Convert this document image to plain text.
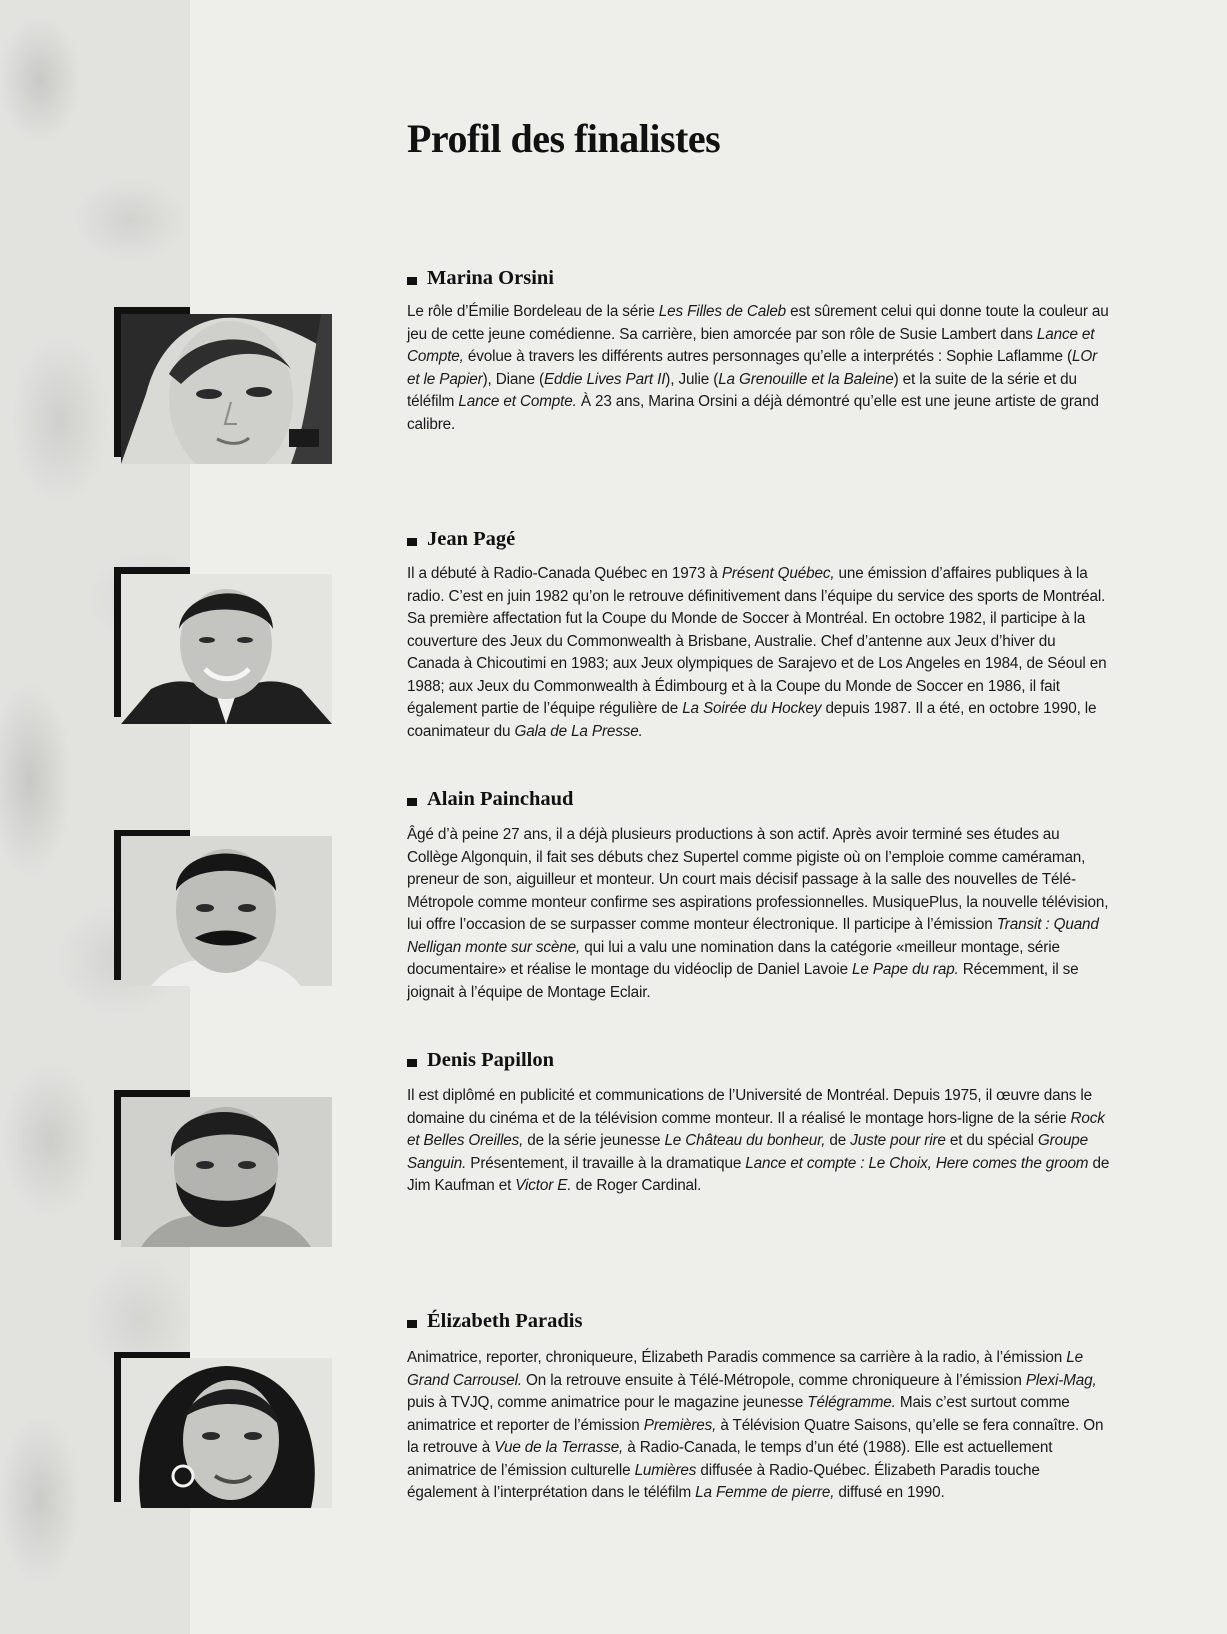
Profil des finalistes
Marina Orsini

Le rôle d’Émilie Bordeleau de la série Les Filles de Caleb est sûrement celui qui donne toute la couleur au jeu de cette jeune comédienne. Sa carrière, bien amorcée par son rôle de Susie Lambert dans Lance et Compte, évolue à travers les différents autres personnages qu’elle a interprétés : Sophie Laflamme (LOr et le Papier), Diane (Eddie Lives Part II), Julie (La Grenouille et la Baleine) et la suite de la série et du téléfilm Lance et Compte. À 23 ans, Marina Orsini a déjà démontré qu’elle est une jeune artiste de grand calibre.

Jean Pagé

Il a débuté à Radio-Canada Québec en 1973 à Présent Québec, une émission d’affaires publiques à la radio. C’est en juin 1982 qu’on le retrouve définitivement dans l’équipe du service des sports de Montréal. Sa première affectation fut la Coupe du Monde de Soccer à Montréal. En octobre 1982, il participe à la couverture des Jeux du Commonwealth à Brisbane, Australie. Chef d’antenne aux Jeux d’hiver du Canada à Chicoutimi en 1983; aux Jeux olympiques de Sarajevo et de Los Angeles en 1984, de Séoul en 1988; aux Jeux du Commonwealth à Édimbourg et à la Coupe du Monde de Soccer en 1986, il fait également partie de l’équipe régulière de La Soirée du Hockey depuis 1987. Il a été, en octobre 1990, le coanimateur du Gala de La Presse.

Alain Painchaud

Âgé d’à peine 27 ans, il a déjà plusieurs productions à son actif. Après avoir terminé ses études au Collège Algonquin, il fait ses débuts chez Supertel comme pigiste où on l’emploie comme caméraman, preneur de son, aiguilleur et monteur. Un court mais décisif passage à la salle des nouvelles de Télé-Métropole comme monteur confirme ses aspirations professionnelles. MusiquePlus, la nouvelle télévision, lui offre l’occasion de se surpasser comme monteur électronique. Il participe à l’émission Transit : Quand Nelligan monte sur scène, qui lui a valu une nomination dans la catégorie «meilleur montage, série documentaire» et réalise le montage du vidéoclip de Daniel Lavoie Le Pape du rap. Récemment, il se joignait à l’équipe de Montage Eclair.

Denis Papillon

Il est diplômé en publicité et communications de l’Université de Montréal. Depuis 1975, il œuvre dans le domaine du cinéma et de la télévision comme monteur. Il a réalisé le montage hors-ligne de la série Rock et Belles Oreilles, de la série jeunesse Le Château du bonheur, de Juste pour rire et du spécial Groupe Sanguin. Présentement, il travaille à la dramatique Lance et compte : Le Choix, Here comes the groom de Jim Kaufman et Victor E. de Roger Cardinal.

Élizabeth Paradis

Animatrice, reporter, chroniqueure, Élizabeth Paradis commence sa carrière à la radio, à l’émission Le Grand Carrousel. On la retrouve ensuite à Télé-Métropole, comme chroniqueure à l’émission Plexi-Mag, puis à TVJQ, comme animatrice pour le magazine jeunesse Télégramme. Mais c’est surtout comme animatrice et reporter de l’émission Premières, à Télévision Quatre Saisons, qu’elle se fera connaître. On la retrouve à Vue de la Terrasse, à Radio-Canada, le temps d’un été (1988). Elle est actuellement animatrice de l’émission culturelle Lumières diffusée à Radio-Québec. Élizabeth Paradis touche également à l’interprétation dans le téléfilm La Femme de pierre, diffusé en 1990.
